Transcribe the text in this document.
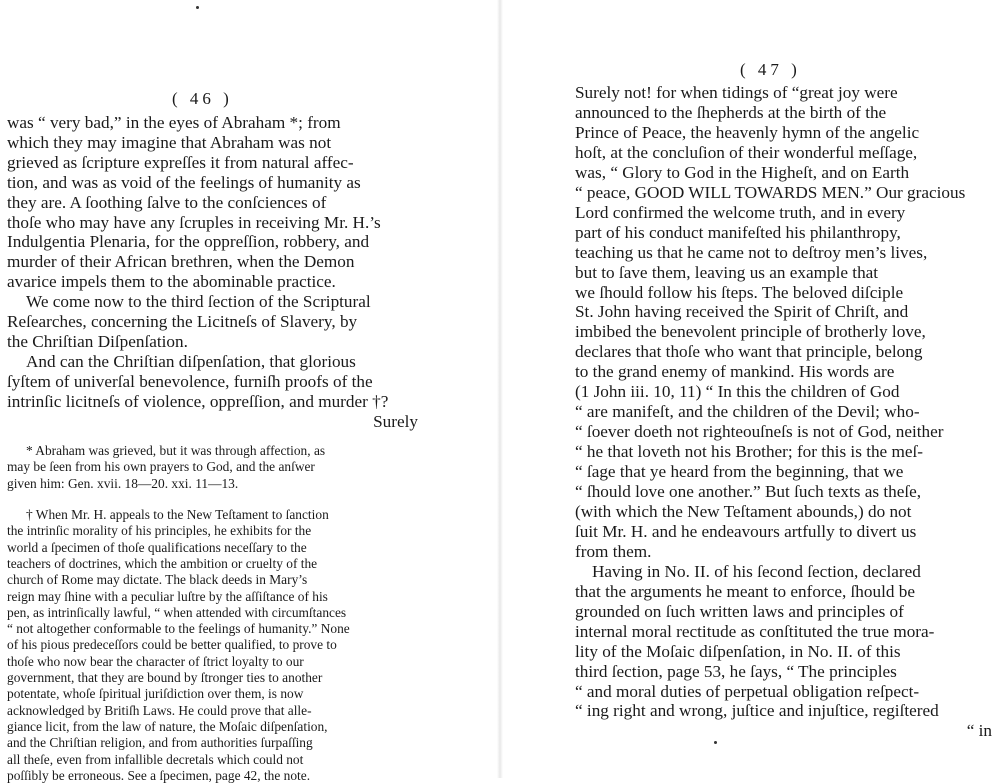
( 46 )
was “ very bad,” in the eyes of Abraham *; from
which they may imagine that Abraham was not
grieved as ſcripture expreſſes it from natural affec-
tion, and was as void of the feelings of humanity as
they are. A ſoothing ſalve to the conſciences of
thoſe who may have any ſcruples in receiving Mr. H.’s
Indulgentia Plenaria, for the oppreſſion, robbery, and
murder of their African brethren, when the Demon
avarice impels them to the abominable practice.
We come now to the third ſection of the Scriptural
Reſearches, concerning the Licitneſs of Slavery, by
the Chriſtian Diſpenſation.
And can the Chriſtian diſpenſation, that glorious
ſyſtem of univerſal benevolence, furniſh proofs of the
intrinſic licitneſs of violence, oppreſſion, and murder †?
Surely
* Abraham was grieved, but it was through affection, as
may be ſeen from his own prayers to God, and the anſwer
given him: Gen. xvii. 18—20. xxi. 11—13.
† When Mr. H. appeals to the New Teſtament to ſanction
the intrinſic morality of his principles, he exhibits for the
world a ſpecimen of thoſe qualifications neceſſary to the
teachers of doctrines, which the ambition or cruelty of the
church of Rome may dictate. The black deeds in Mary’s
reign may ſhine with a peculiar luſtre by the aſſiſtance of his
pen, as intrinſically lawful, “ when attended with circumſtances
“ not altogether conformable to the feelings of humanity.” None
of his pious predeceſſors could be better qualified, to prove to
thoſe who now bear the character of ſtrict loyalty to our
government, that they are bound by ſtronger ties to another
potentate, whoſe ſpiritual juriſdiction over them, is now
acknowledged by Britiſh Laws. He could prove that alle-
giance licit, from the law of nature, the Moſaic diſpenſation,
and the Chriſtian religion, and from authorities ſurpaſſing
all theſe, even from infallible decretals which could not
poſſibly be erroneous. See a ſpecimen, page 42, the note.
( 47 )
Surely not! for when tidings of “great joy were
announced to the ſhepherds at the birth of the
Prince of Peace, the heavenly hymn of the angelic
hoſt, at the concluſion of their wonderful meſſage,
was, “ Glory to God in the Higheſt, and on Earth
“ peace, GOOD WILL TOWARDS MEN.” Our gracious
Lord confirmed the welcome truth, and in every
part of his conduct manifeſted his philanthropy,
teaching us that he came not to deſtroy men’s lives,
but to ſave them, leaving us an example that
we ſhould follow his ſteps. The beloved diſciple
St. John having received the Spirit of Chriſt, and
imbibed the benevolent principle of brotherly love,
declares that thoſe who want that principle, belong
to the grand enemy of mankind. His words are
(1 John iii. 10, 11) “ In this the children of God
“ are manifeſt, and the children of the Devil; who-
“ ſoever doeth not righteouſneſs is not of God, neither
“ he that loveth not his Brother; for this is the meſ-
“ ſage that ye heard from the beginning, that we
“ ſhould love one another.” But ſuch texts as theſe,
(with which the New Teſtament abounds,) do not
ſuit Mr. H. and he endeavours artfully to divert us
from them.
Having in No. II. of his ſecond ſection, declared
that the arguments he meant to enforce, ſhould be
grounded on ſuch written laws and principles of
internal moral rectitude as conſtituted the true mora-
lity of the Moſaic diſpenſation, in No. II. of this
third ſection, page 53, he ſays, “ The principles
“ and moral duties of perpetual obligation reſpect-
“ ing right and wrong, juſtice and injuſtice, regiſtered
“ in
